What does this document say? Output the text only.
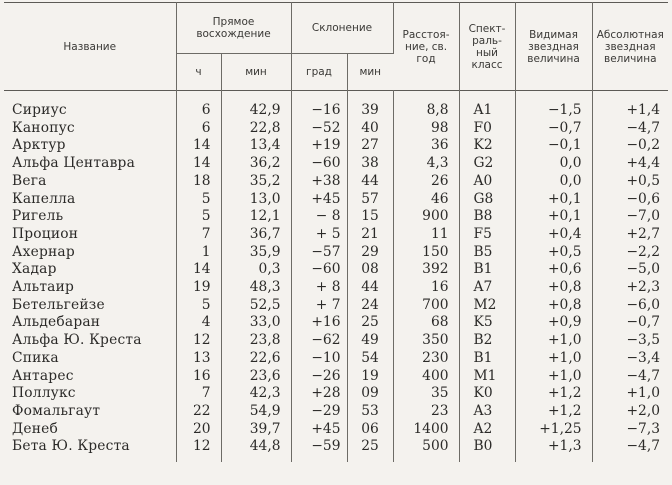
Название	Прямое восхождение		Склонение		Расстоя-ние, св. год	Спект-раль-ный класс	Видимая звездная величина	Абсолютная звездная величина
	ч	мин	град	мин				
Сириус	6	42,9	−16	39	8,8	A1	−1,5	+1,4
Канопус	6	22,8	−52	40	98	F0	−0,7	−4,7
Арктур	14	13,4	+19	27	36	K2	−0,1	−0,2
Альфа Центавра	14	36,2	−60	38	4,3	G2	0,0	+4,4
Вега	18	35,2	+38	44	26	A0	0,0	+0,5
Капелла	5	13,0	+45	57	46	G8	+0,1	−0,6
Ригель	5	12,1	− 8	15	900	B8	+0,1	−7,0
Процион	7	36,7	+ 5	21	11	F5	+0,4	+2,7
Ахернар	1	35,9	−57	29	150	B5	+0,5	−2,2
Хадар	14	0,3	−60	08	392	B1	+0,6	−5,0
Альтаир	19	48,3	+ 8	44	16	A7	+0,8	+2,3
Бетельгейзе	5	52,5	+ 7	24	700	M2	+0,8	−6,0
Альдебаран	4	33,0	+16	25	68	K5	+0,9	−0,7
Альфа Ю. Креста	12	23,8	−62	49	350	B2	+1,0	−3,5
Спика	13	22,6	−10	54	230	B1	+1,0	−3,4
Антарес	16	23,6	−26	19	400	M1	+1,0	−4,7
Поллукс	7	42,3	+28	09	35	K0	+1,2	+1,0
Фомальгаут	22	54,9	−29	53	23	A3	+1,2	+2,0
Денеб	20	39,7	+45	06	1400	A2	+1,25	−7,3
Бета Ю. Креста	12	44,8	−59	25	500	B0	+1,3	−4,7
